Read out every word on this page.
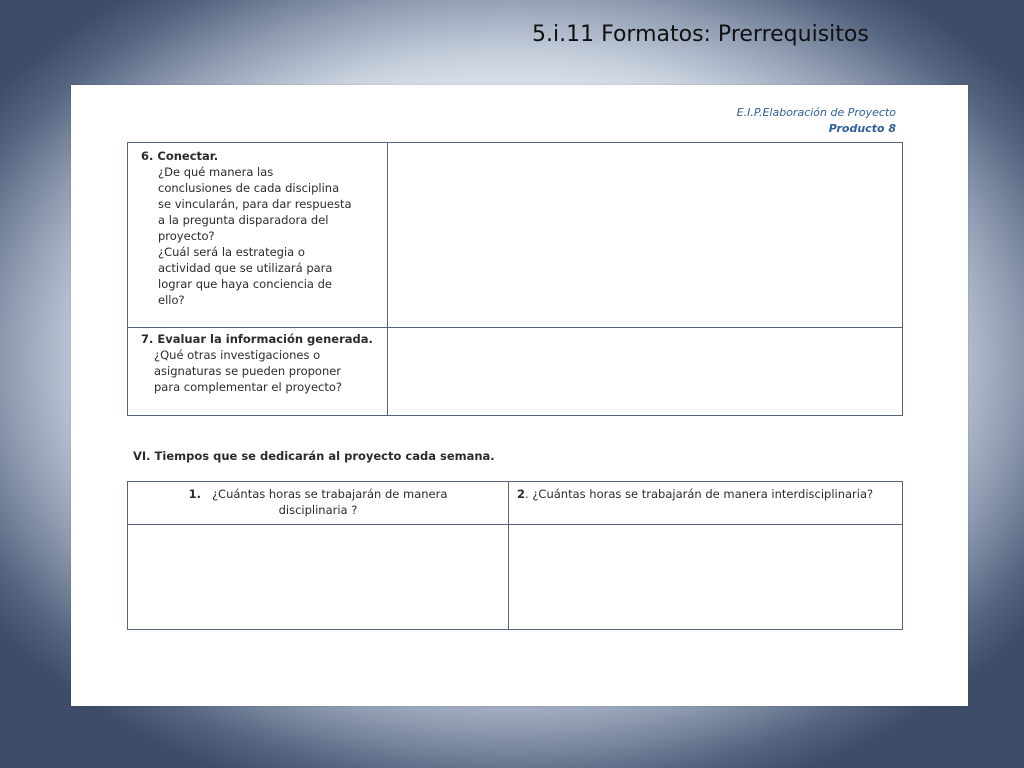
5.i.11 Formatos: Prerrequisitos
E.I.P.Elaboración de Proyecto
Producto 8
6. Conectar.
¿De qué manera las
conclusiones de cada disciplina
se vincularán, para dar respuesta
a la pregunta disparadora del
proyecto?
¿Cuál será la estrategia o
actividad que se utilizará para
lograr que haya conciencia de
ello?
7. Evaluar la información generada.
¿Qué otras investigaciones o
asignaturas se pueden proponer
para complementar el proyecto?
VI. Tiempos que se dedicarán al proyecto cada semana.
1. ¿Cuántas horas se trabajarán de manera
disciplinaria ?
2. ¿Cuántas horas se trabajarán de manera interdisciplinaria?
